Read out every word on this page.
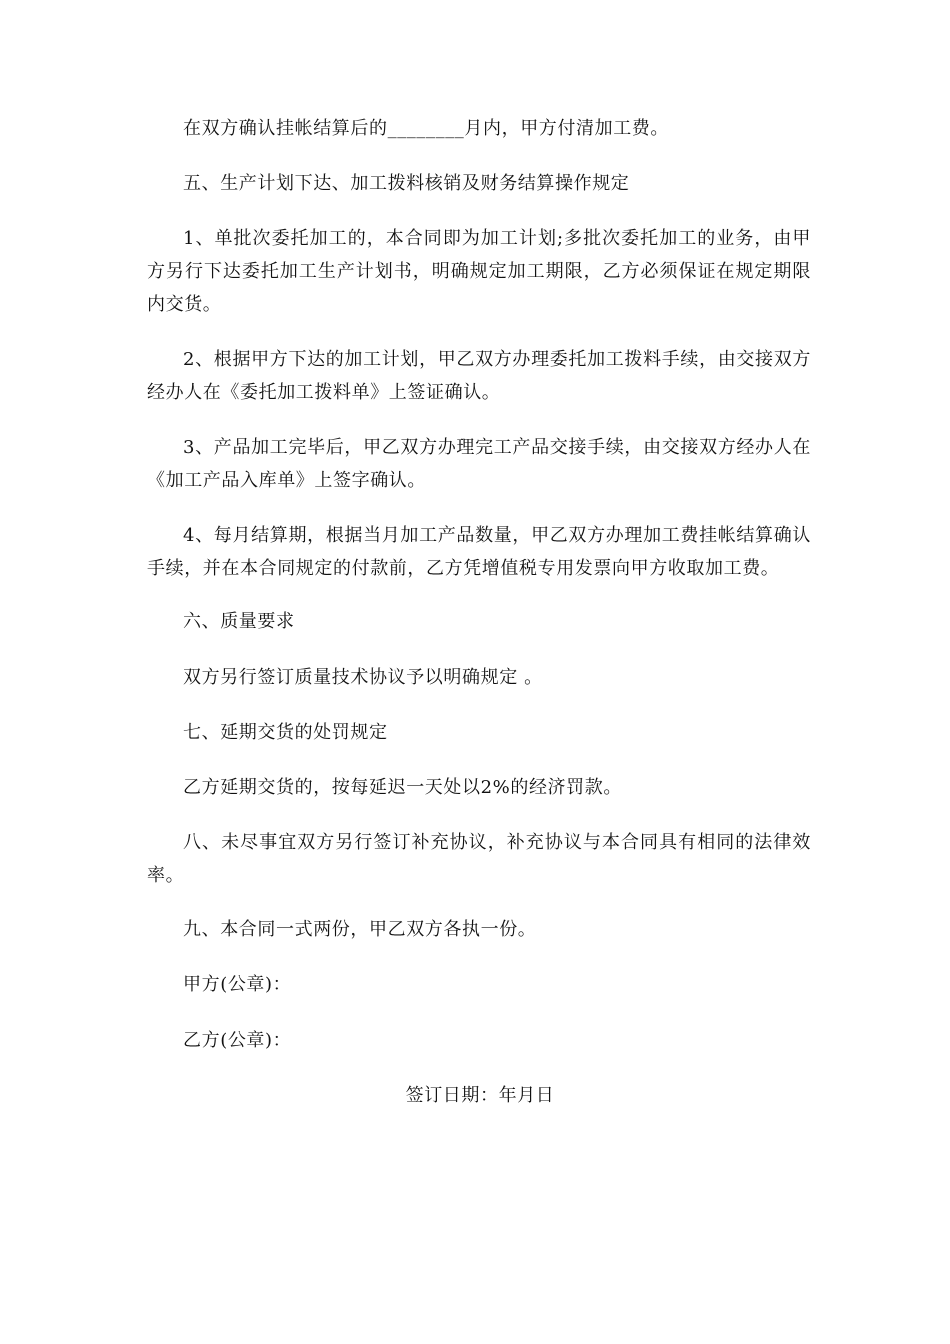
在双方确认挂帐结算后的________月内，甲方付清加工费。

五、生产计划下达、加工拨料核销及财务结算操作规定

1、单批次委托加工的，本合同即为加工计划;多批次委托加工的业务，由甲方另行下达委托加工生产计划书，明确规定加工期限，乙方必须保证在规定期限内交货。

2、根据甲方下达的加工计划，甲乙双方办理委托加工拨料手续，由交接双方经办人在《委托加工拨料单》上签证确认。

3、产品加工完毕后，甲乙双方办理完工产品交接手续，由交接双方经办人在《加工产品入库单》上签字确认。

4、每月结算期，根据当月加工产品数量，甲乙双方办理加工费挂帐结算确认手续，并在本合同规定的付款前，乙方凭增值税专用发票向甲方收取加工费。

六、质量要求

双方另行签订质量技术协议予以明确规定 。

七、延期交货的处罚规定

乙方延期交货的，按每延迟一天处以2%的经济罚款。

八、未尽事宜双方另行签订补充协议，补充协议与本合同具有相同的法律效率。

九、本合同一式两份，甲乙双方各执一份。

甲方(公章)：

乙方(公章)：

签订日期：年月日
